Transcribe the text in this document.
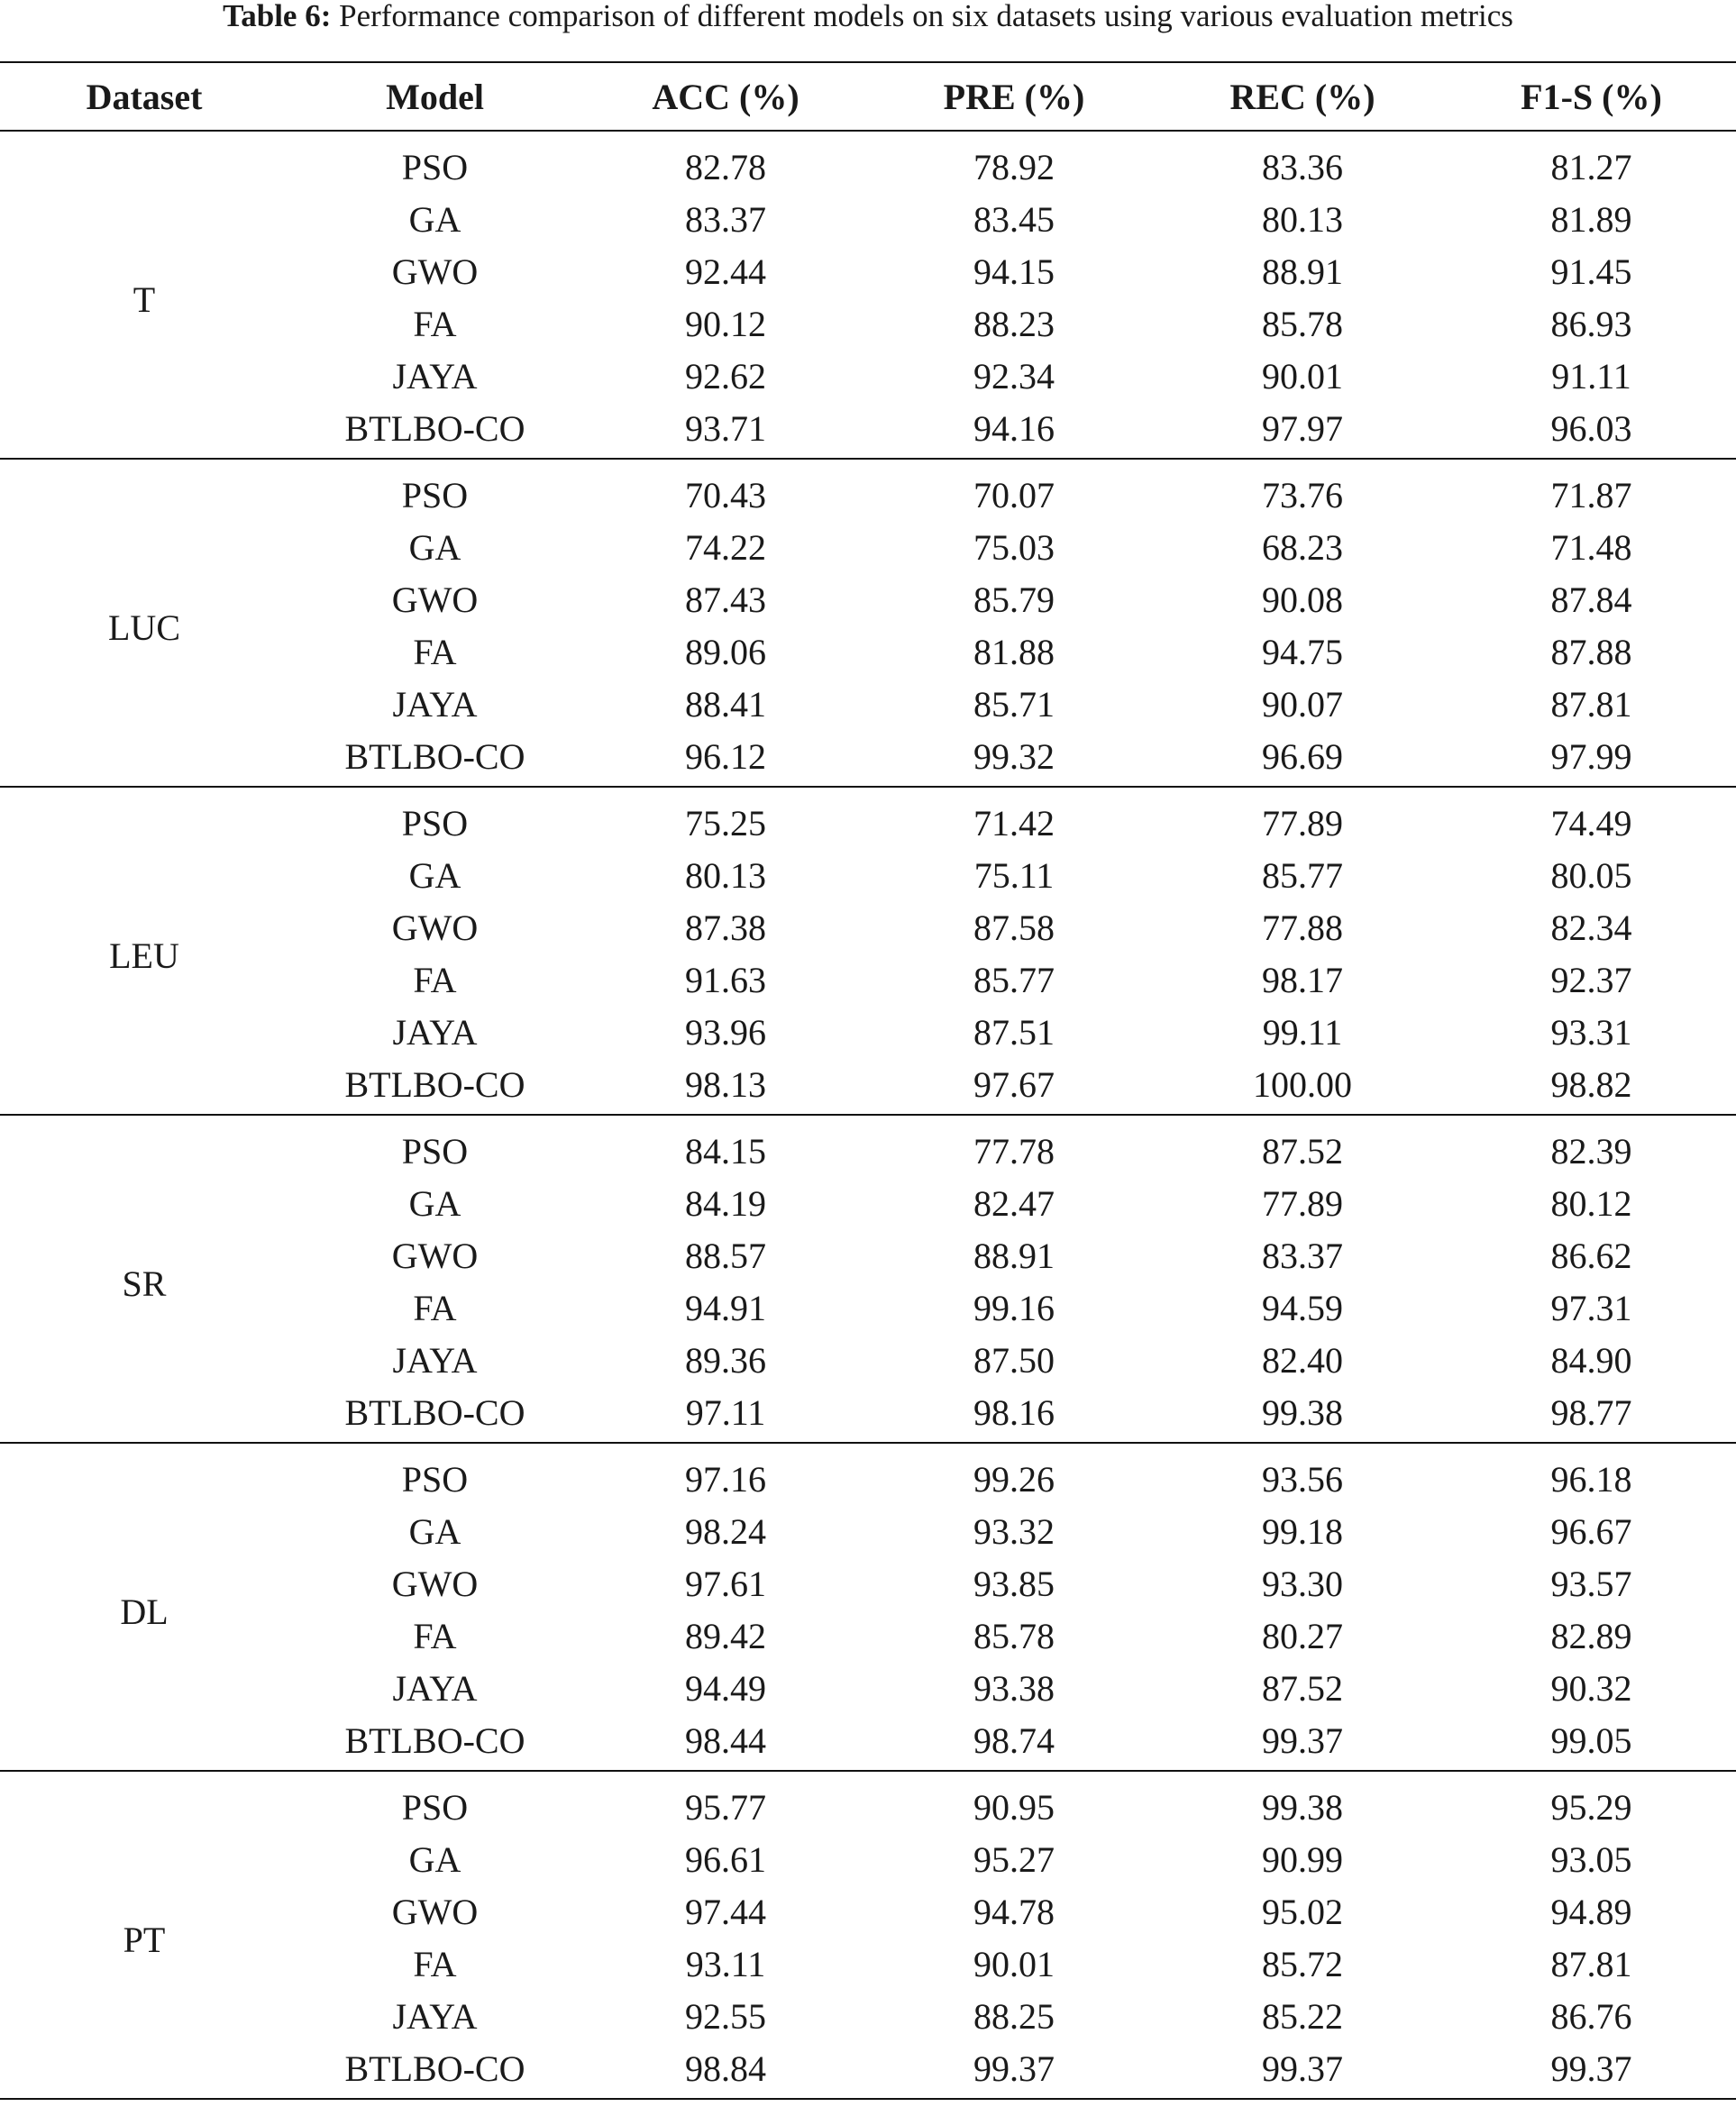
Table 6: Performance comparison of different models on six datasets using various evaluation metrics
Dataset	Model	ACC (%)	PRE (%)	REC (%)	F1-S (%)
T	PSO	82.78	78.92	83.36	81.27
	GA	83.37	83.45	80.13	81.89
	GWO	92.44	94.15	88.91	91.45
	FA	90.12	88.23	85.78	86.93
	JAYA	92.62	92.34	90.01	91.11
	BTLBO-CO	93.71	94.16	97.97	96.03
LUC	PSO	70.43	70.07	73.76	71.87
	GA	74.22	75.03	68.23	71.48
	GWO	87.43	85.79	90.08	87.84
	FA	89.06	81.88	94.75	87.88
	JAYA	88.41	85.71	90.07	87.81
	BTLBO-CO	96.12	99.32	96.69	97.99
LEU	PSO	75.25	71.42	77.89	74.49
	GA	80.13	75.11	85.77	80.05
	GWO	87.38	87.58	77.88	82.34
	FA	91.63	85.77	98.17	92.37
	JAYA	93.96	87.51	99.11	93.31
	BTLBO-CO	98.13	97.67	100.00	98.82
SR	PSO	84.15	77.78	87.52	82.39
	GA	84.19	82.47	77.89	80.12
	GWO	88.57	88.91	83.37	86.62
	FA	94.91	99.16	94.59	97.31
	JAYA	89.36	87.50	82.40	84.90
	BTLBO-CO	97.11	98.16	99.38	98.77
DL	PSO	97.16	99.26	93.56	96.18
	GA	98.24	93.32	99.18	96.67
	GWO	97.61	93.85	93.30	93.57
	FA	89.42	85.78	80.27	82.89
	JAYA	94.49	93.38	87.52	90.32
	BTLBO-CO	98.44	98.74	99.37	99.05
PT	PSO	95.77	90.95	99.38	95.29
	GA	96.61	95.27	90.99	93.05
	GWO	97.44	94.78	95.02	94.89
	FA	93.11	90.01	85.72	87.81
	JAYA	92.55	88.25	85.22	86.76
	BTLBO-CO	98.84	99.37	99.37	99.37
